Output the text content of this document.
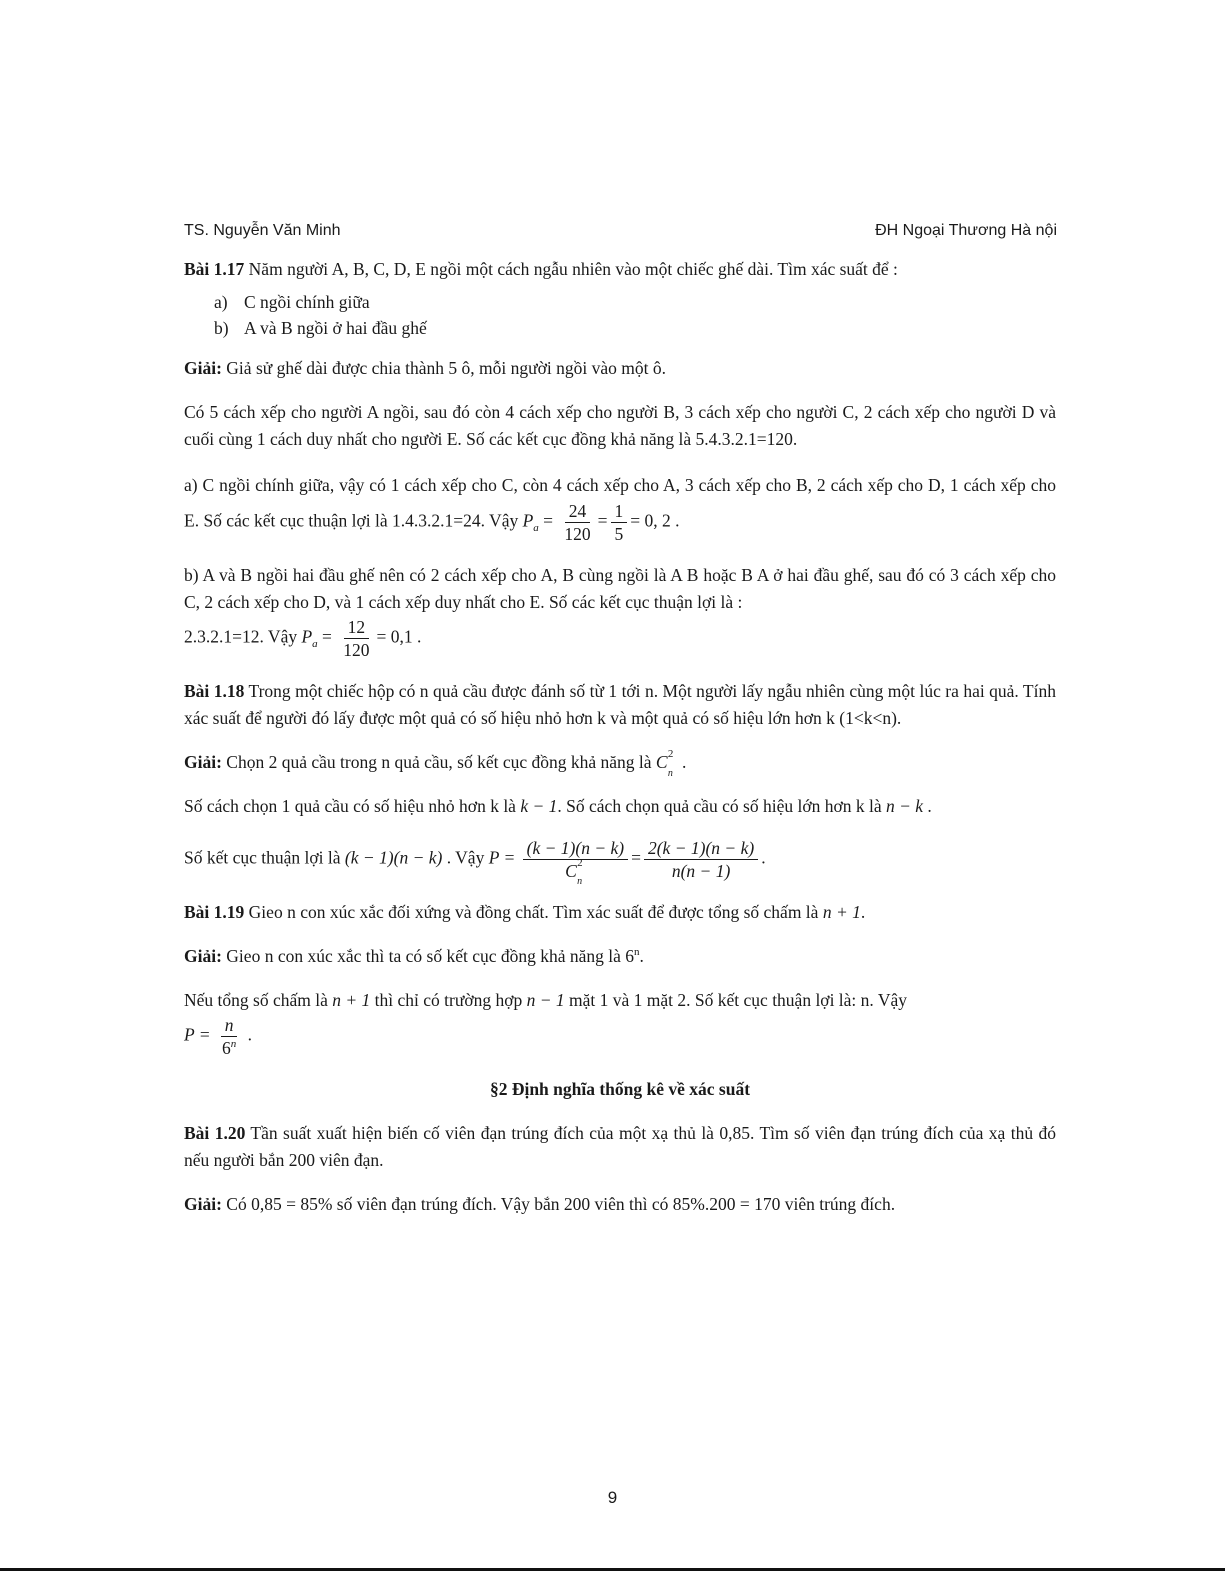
TS. Nguyễn Văn Minh	ĐH Ngoại Thương Hà nội

Bài 1.17 Năm người A, B, C, D, E ngồi một cách ngẫu nhiên vào một chiếc ghế dài. Tìm xác suất để :

a) C ngồi chính giữa
b) A và B ngồi ở hai đầu ghế

Giải: Giả sử ghế dài được chia thành 5 ô, mỗi người ngồi vào một ô.

Có 5 cách xếp cho người A ngồi, sau đó còn 4 cách xếp cho người B, 3 cách xếp cho người C, 2 cách xếp cho người D và cuối cùng 1 cách duy nhất cho người E. Số các kết cục đồng khả năng là 5.4.3.2.1=120.

a) C ngồi chính giữa, vậy có 1 cách xếp cho C, còn 4 cách xếp cho A, 3 cách xếp cho B, 2 cách xếp cho D, 1 cách xếp cho E. Số các kết cục thuận lợi là 1.4.3.2.1=24. Vậy $P_a = \frac{24}{120} = \frac{1}{5} = 0$, 2 .

b) A và B ngồi hai đầu ghế nên có 2 cách xếp cho A, B cùng ngồi là A B hoặc B A ở hai đầu ghế, sau đó có 3 cách xếp cho C, 2 cách xếp cho D, và 1 cách xếp duy nhất cho E. Số các kết cục thuận lợi là :

2.3.2.1=12. Vậy $P_a = \frac{12}{120} = 0,1$ .

Bài 1.18 Trong một chiếc hộp có n quả cầu được đánh số từ 1 tới n. Một người lấy ngẫu nhiên cùng một lúc ra hai quả. Tính xác suất để người đó lấy được một quả có số hiệu nhỏ hơn k và một quả có số hiệu lớn hơn k (1<k<n).

Giải: Chọn 2 quả cầu trong n quả cầu, số kết cục đồng khả năng là C 2
n
.

Số cách chọn 1 quả cầu có số hiệu nhỏ hơn k là k − 1. Số cách chọn quả cầu có số hiệu lớn hơn k là n − k .

Số kết cục thuận lợi là (k − 1)(n − k) . Vậy P = (k − 1)(n − k)
C 2
n
= $\frac{2(k - 1)(n - k)}{n(n - 1)}$ .

Bài 1.19 Gieo n con xúc xắc đối xứng và đồng chất. Tìm xác suất để được tổng số chấm là n + 1.

Giải: Gieo n con xúc xắc thì ta có số kết cục đồng khả năng là 6$^n$.

Nếu tổng số chấm là n + 1 thì chỉ có trường hợp n − 1 mặt 1 và 1 mặt 2. Số kết cục thuận lợi là: n. Vậy

$P = \frac{n}{6^n}$ .

§2 Định nghĩa thống kê về xác suất

Bài 1.20 Tần suất xuất hiện biến cố viên đạn trúng đích của một xạ thủ là 0,85. Tìm số viên đạn trúng đích của xạ thủ đó nếu người bắn 200 viên đạn.

Giải: Có 0,85 = 85% số viên đạn trúng đích. Vậy bắn 200 viên thì có 85%.200 = 170 viên trúng đích.

9
